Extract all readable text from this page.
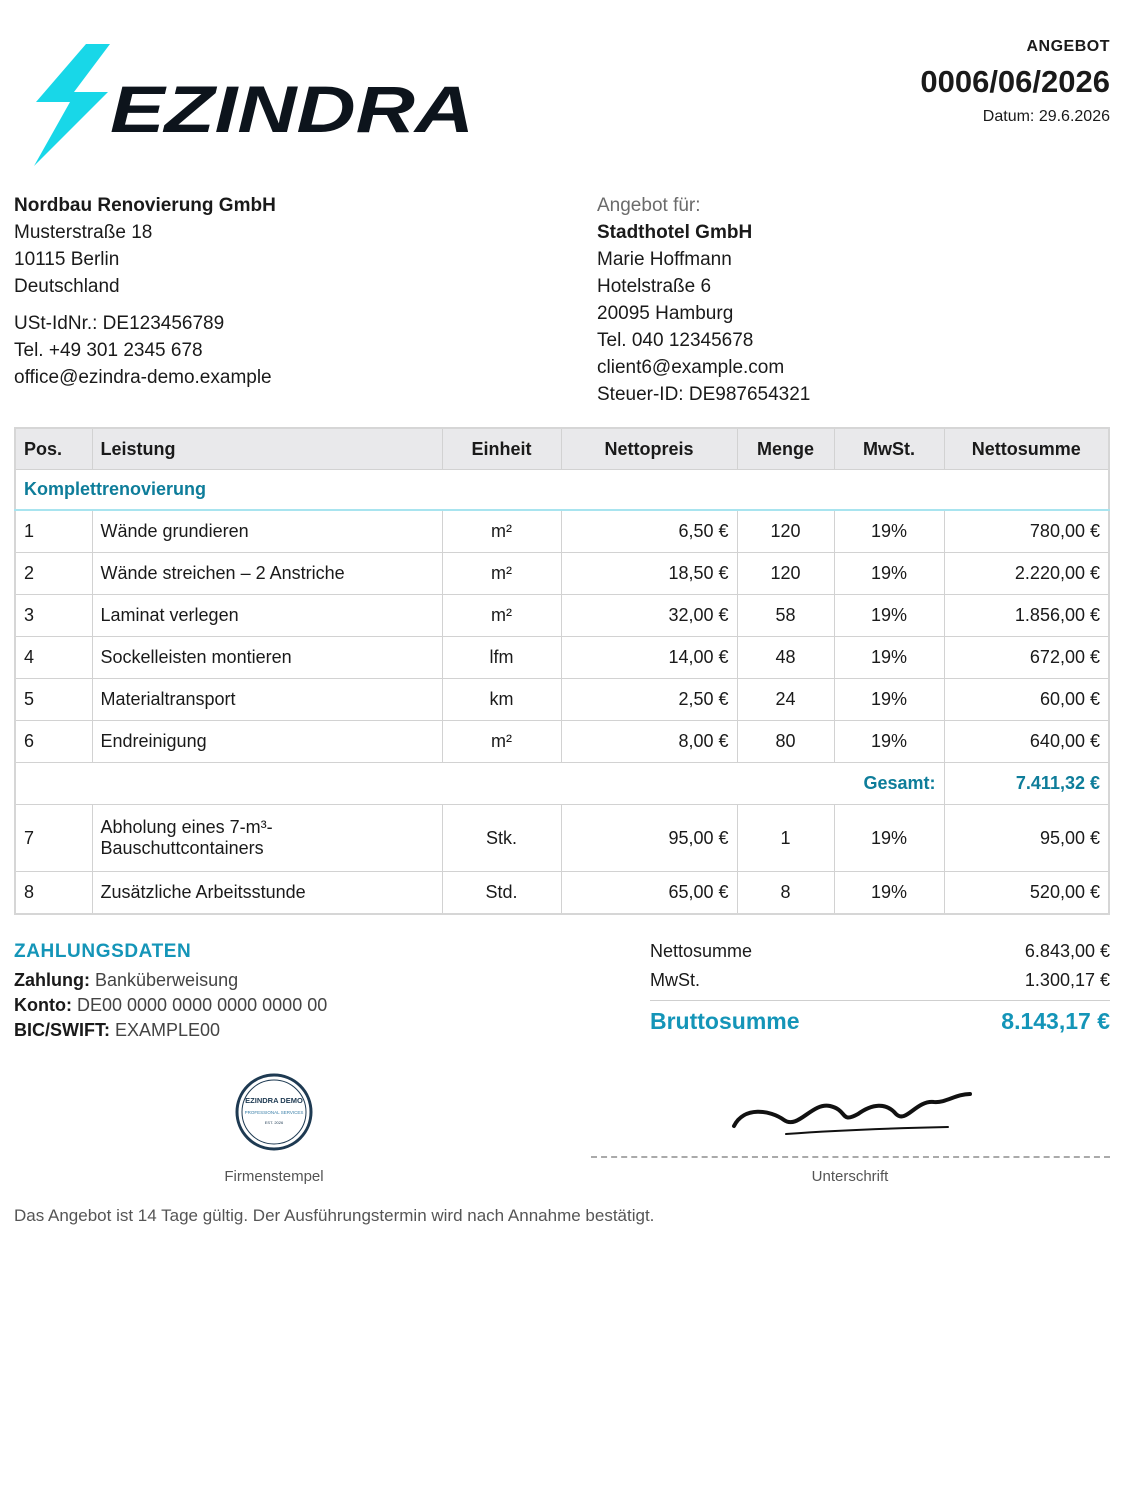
EZINDRA
ANGEBOT
0006/06/2026
Datum: 29.6.2026
Nordbau Renovierung GmbH
Musterstraße 18
10115 Berlin
Deutschland
USt-IdNr.: DE123456789
Tel. +49 301 2345 678
office@ezindra-demo.example
Angebot für:
Stadthotel GmbH
Marie Hoffmann
Hotelstraße 6
20095 Hamburg
Tel. 040 12345678
client6@example.com
Steuer-ID: DE987654321
Pos.	Leistung	Einheit	Nettopreis	Menge	MwSt.	Nettosumme
Komplettrenovierung						
1	Wände grundieren	m²	6,50 €	120	19%	780,00 €
2	Wände streichen – 2 Anstriche	m²	18,50 €	120	19%	2.220,00 €
3	Laminat verlegen	m²	32,00 €	58	19%	1.856,00 €
4	Sockelleisten montieren	lfm	14,00 €	48	19%	672,00 €
5	Materialtransport	km	2,50 €	24	19%	60,00 €
6	Endreinigung	m²	8,00 €	80	19%	640,00 €
Gesamt:						7.411,32 €
7	Abholung eines 7-m³-Bauschuttcontainers	Stk.	95,00 €	1	19%	95,00 €
8	Zusätzliche Arbeitsstunde	Std.	65,00 €	8	19%	520,00 €
ZAHLUNGSDATEN
Zahlung: Banküberweisung
Konto: DE00 0000 0000 0000 0000 00
BIC/SWIFT: EXAMPLE00
Nettosumme	6.843,00 €
MwSt.	1.300,17 €
Bruttosumme	8.143,17 €
EZINDRA DEMO
PROFESSIONAL SERVICES
EST. 2026
Firmenstempel	Unterschrift
Das Angebot ist 14 Tage gültig. Der Ausführungstermin wird nach Annahme bestätigt.
